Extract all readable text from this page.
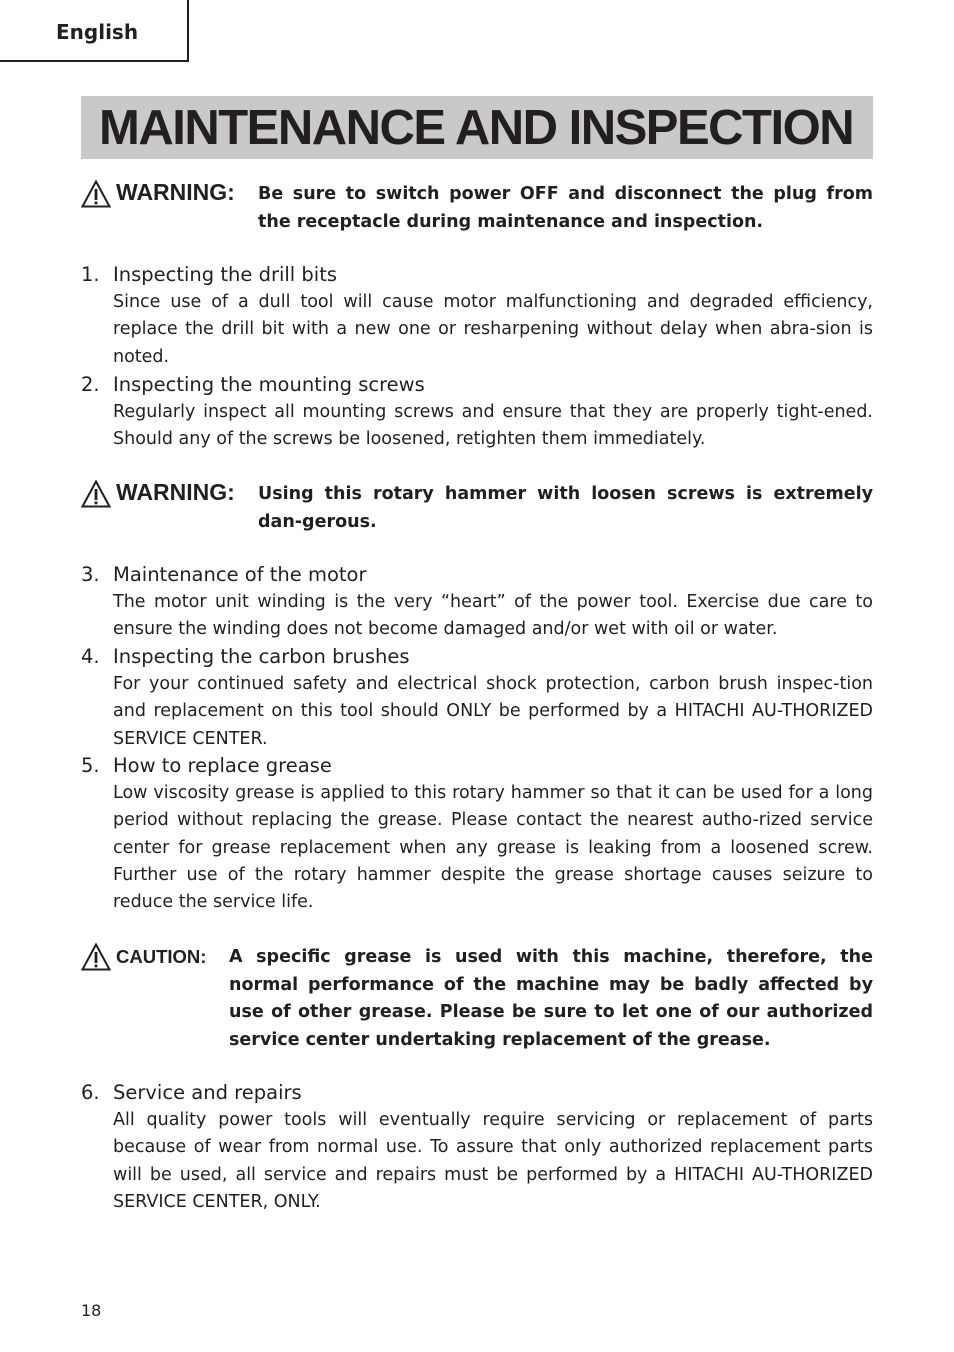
English
MAINTENANCE AND INSPECTION
WARNING: Be sure to switch power OFF and disconnect the plug from the receptacle during maintenance and inspection.
1. Inspecting the drill bits
Since use of a dull tool will cause motor malfunctioning and degraded efficiency, replace the drill bit with a new one or resharpening without delay when abra-sion is noted.
2. Inspecting the mounting screws
Regularly inspect all mounting screws and ensure that they are properly tight-ened. Should any of the screws be loosened, retighten them immediately.
WARNING: Using this rotary hammer with loosen screws is extremely dan-gerous.
3. Maintenance of the motor
The motor unit winding is the very “heart” of the power tool. Exercise due care to ensure the winding does not become damaged and/or wet with oil or water.
4. Inspecting the carbon brushes
For your continued safety and electrical shock protection, carbon brush inspec-tion and replacement on this tool should ONLY be performed by a HITACHI AU-THORIZED SERVICE CENTER.
5. How to replace grease
Low viscosity grease is applied to this rotary hammer so that it can be used for a long period without replacing the grease. Please contact the nearest autho-rized service center for grease replacement when any grease is leaking from a loosened screw. Further use of the rotary hammer despite the grease shortage causes seizure to reduce the service life.
CAUTION: A specific grease is used with this machine, therefore, the normal performance of the machine may be badly affected by use of other grease. Please be sure to let one of our authorized service center undertaking replacement of the grease.
6. Service and repairs
All quality power tools will eventually require servicing or replacement of parts because of wear from normal use. To assure that only authorized replacement parts will be used, all service and repairs must be performed by a HITACHI AU-THORIZED SERVICE CENTER, ONLY.
18
